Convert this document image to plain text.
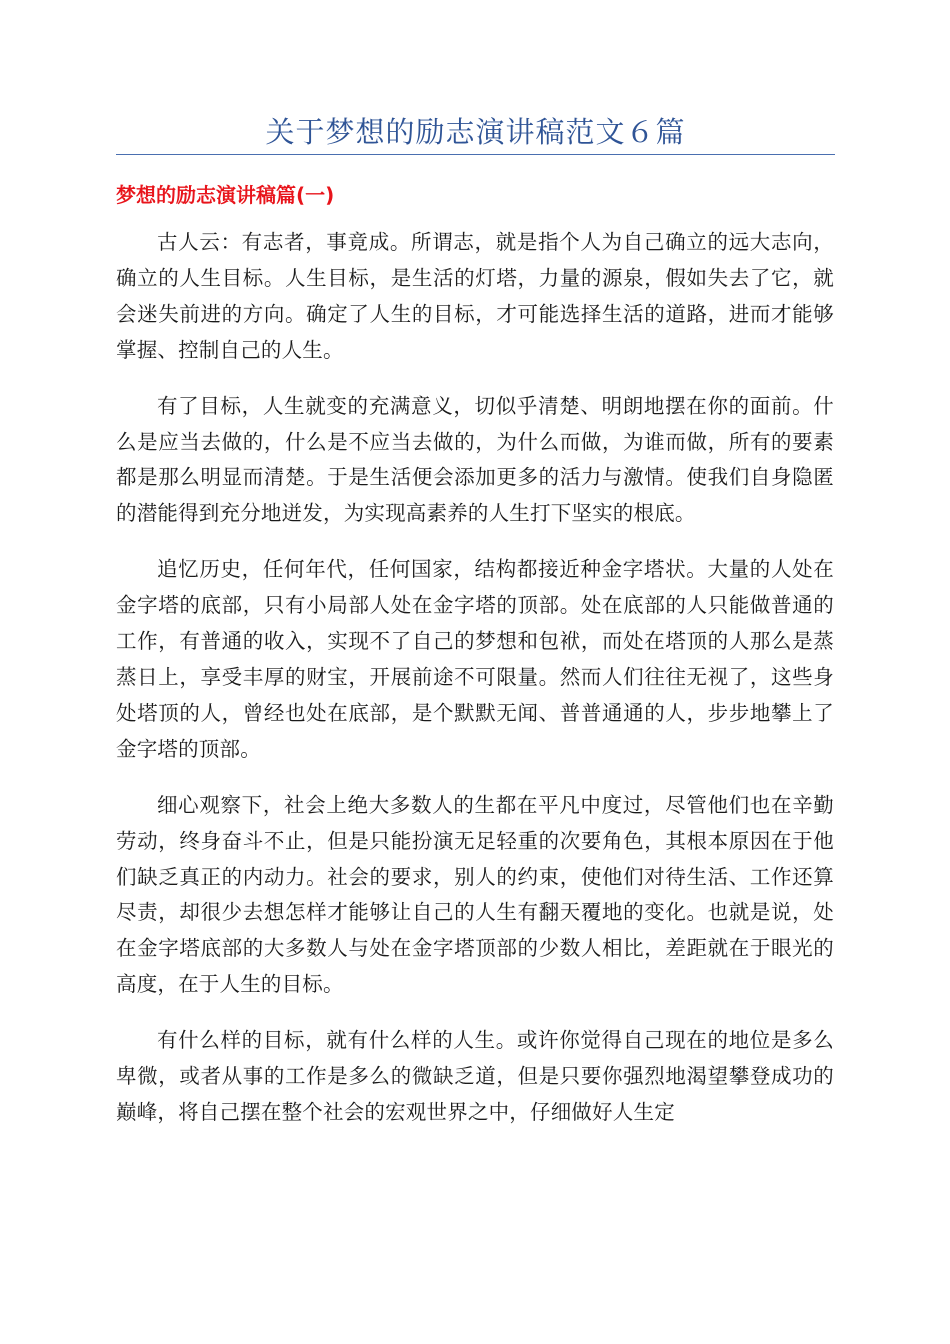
关于梦想的励志演讲稿范文６篇
梦想的励志演讲稿篇(一)

古人云：有志者，事竟成。所谓志，就是指个人为自己确立的远大志向，确立的人生目标。人生目标，是生活的灯塔，力量的源泉，假如失去了它，就会迷失前进的方向。确定了人生的目标，才可能选择生活的道路，进而才能够掌握、控制自己的人生。

有了目标，人生就变的充满意义，切似乎清楚、明朗地摆在你的面前。什么是应当去做的，什么是不应当去做的，为什么而做，为谁而做，所有的要素都是那么明显而清楚。于是生活便会添加更多的活力与激情。使我们自身隐匿的潜能得到充分地迸发，为实现高素养的人生打下坚实的根底。

追忆历史，任何年代，任何国家，结构都接近种金字塔状。大量的人处在金字塔的底部，只有小局部人处在金字塔的顶部。处在底部的人只能做普通的工作，有普通的收入，实现不了自己的梦想和包袱，而处在塔顶的人那么是蒸蒸日上，享受丰厚的财宝，开展前途不可限量。然而人们往往无视了，这些身处塔顶的人，曾经也处在底部，是个默默无闻、普普通通的人，步步地攀上了金字塔的顶部。

细心观察下，社会上绝大多数人的生都在平凡中度过，尽管他们也在辛勤劳动，终身奋斗不止，但是只能扮演无足轻重的次要角色，其根本原因在于他们缺乏真正的内动力。社会的要求，别人的约束，使他们对待生活、工作还算尽责，却很少去想怎样才能够让自己的人生有翻天覆地的变化。也就是说，处在金字塔底部的大多数人与处在金字塔顶部的少数人相比，差距就在于眼光的高度，在于人生的目标。

有什么样的目标，就有什么样的人生。或许你觉得自己现在的地位是多么卑微，或者从事的工作是多么的微缺乏道，但是只要你强烈地渴望攀登成功的巅峰，将自己摆在整个社会的宏观世界之中，仔细做好人生定
